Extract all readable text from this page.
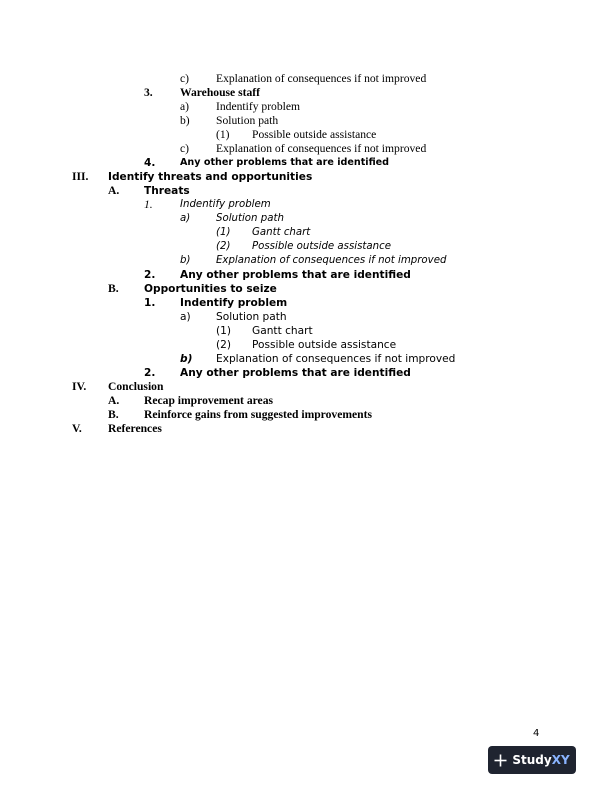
c) Explanation of consequences if not improved
3. Warehouse staff
a) Indentify problem
b) Solution path
(1) Possible outside assistance
c) Explanation of consequences if not improved
4.	Any other problems that are identified
III. Identify threats and opportunities
A. Threats
1.	Indentify problem
a)	Solution path
(1) Gantt chart
(2) Possible outside assistance
b)	Explanation of consequences if not improved
2. Any other problems that are identified
B. Opportunities to seize
1. Indentify problem
a) Solution path
(1) Gantt chart
(2) Possible outside assistance
b) Explanation of consequences if not improved
2. Any other problems that are identified
IV. Conclusion
A. Recap improvement areas
B. Reinforce gains from suggested improvements
V. References
4
StudyXY
